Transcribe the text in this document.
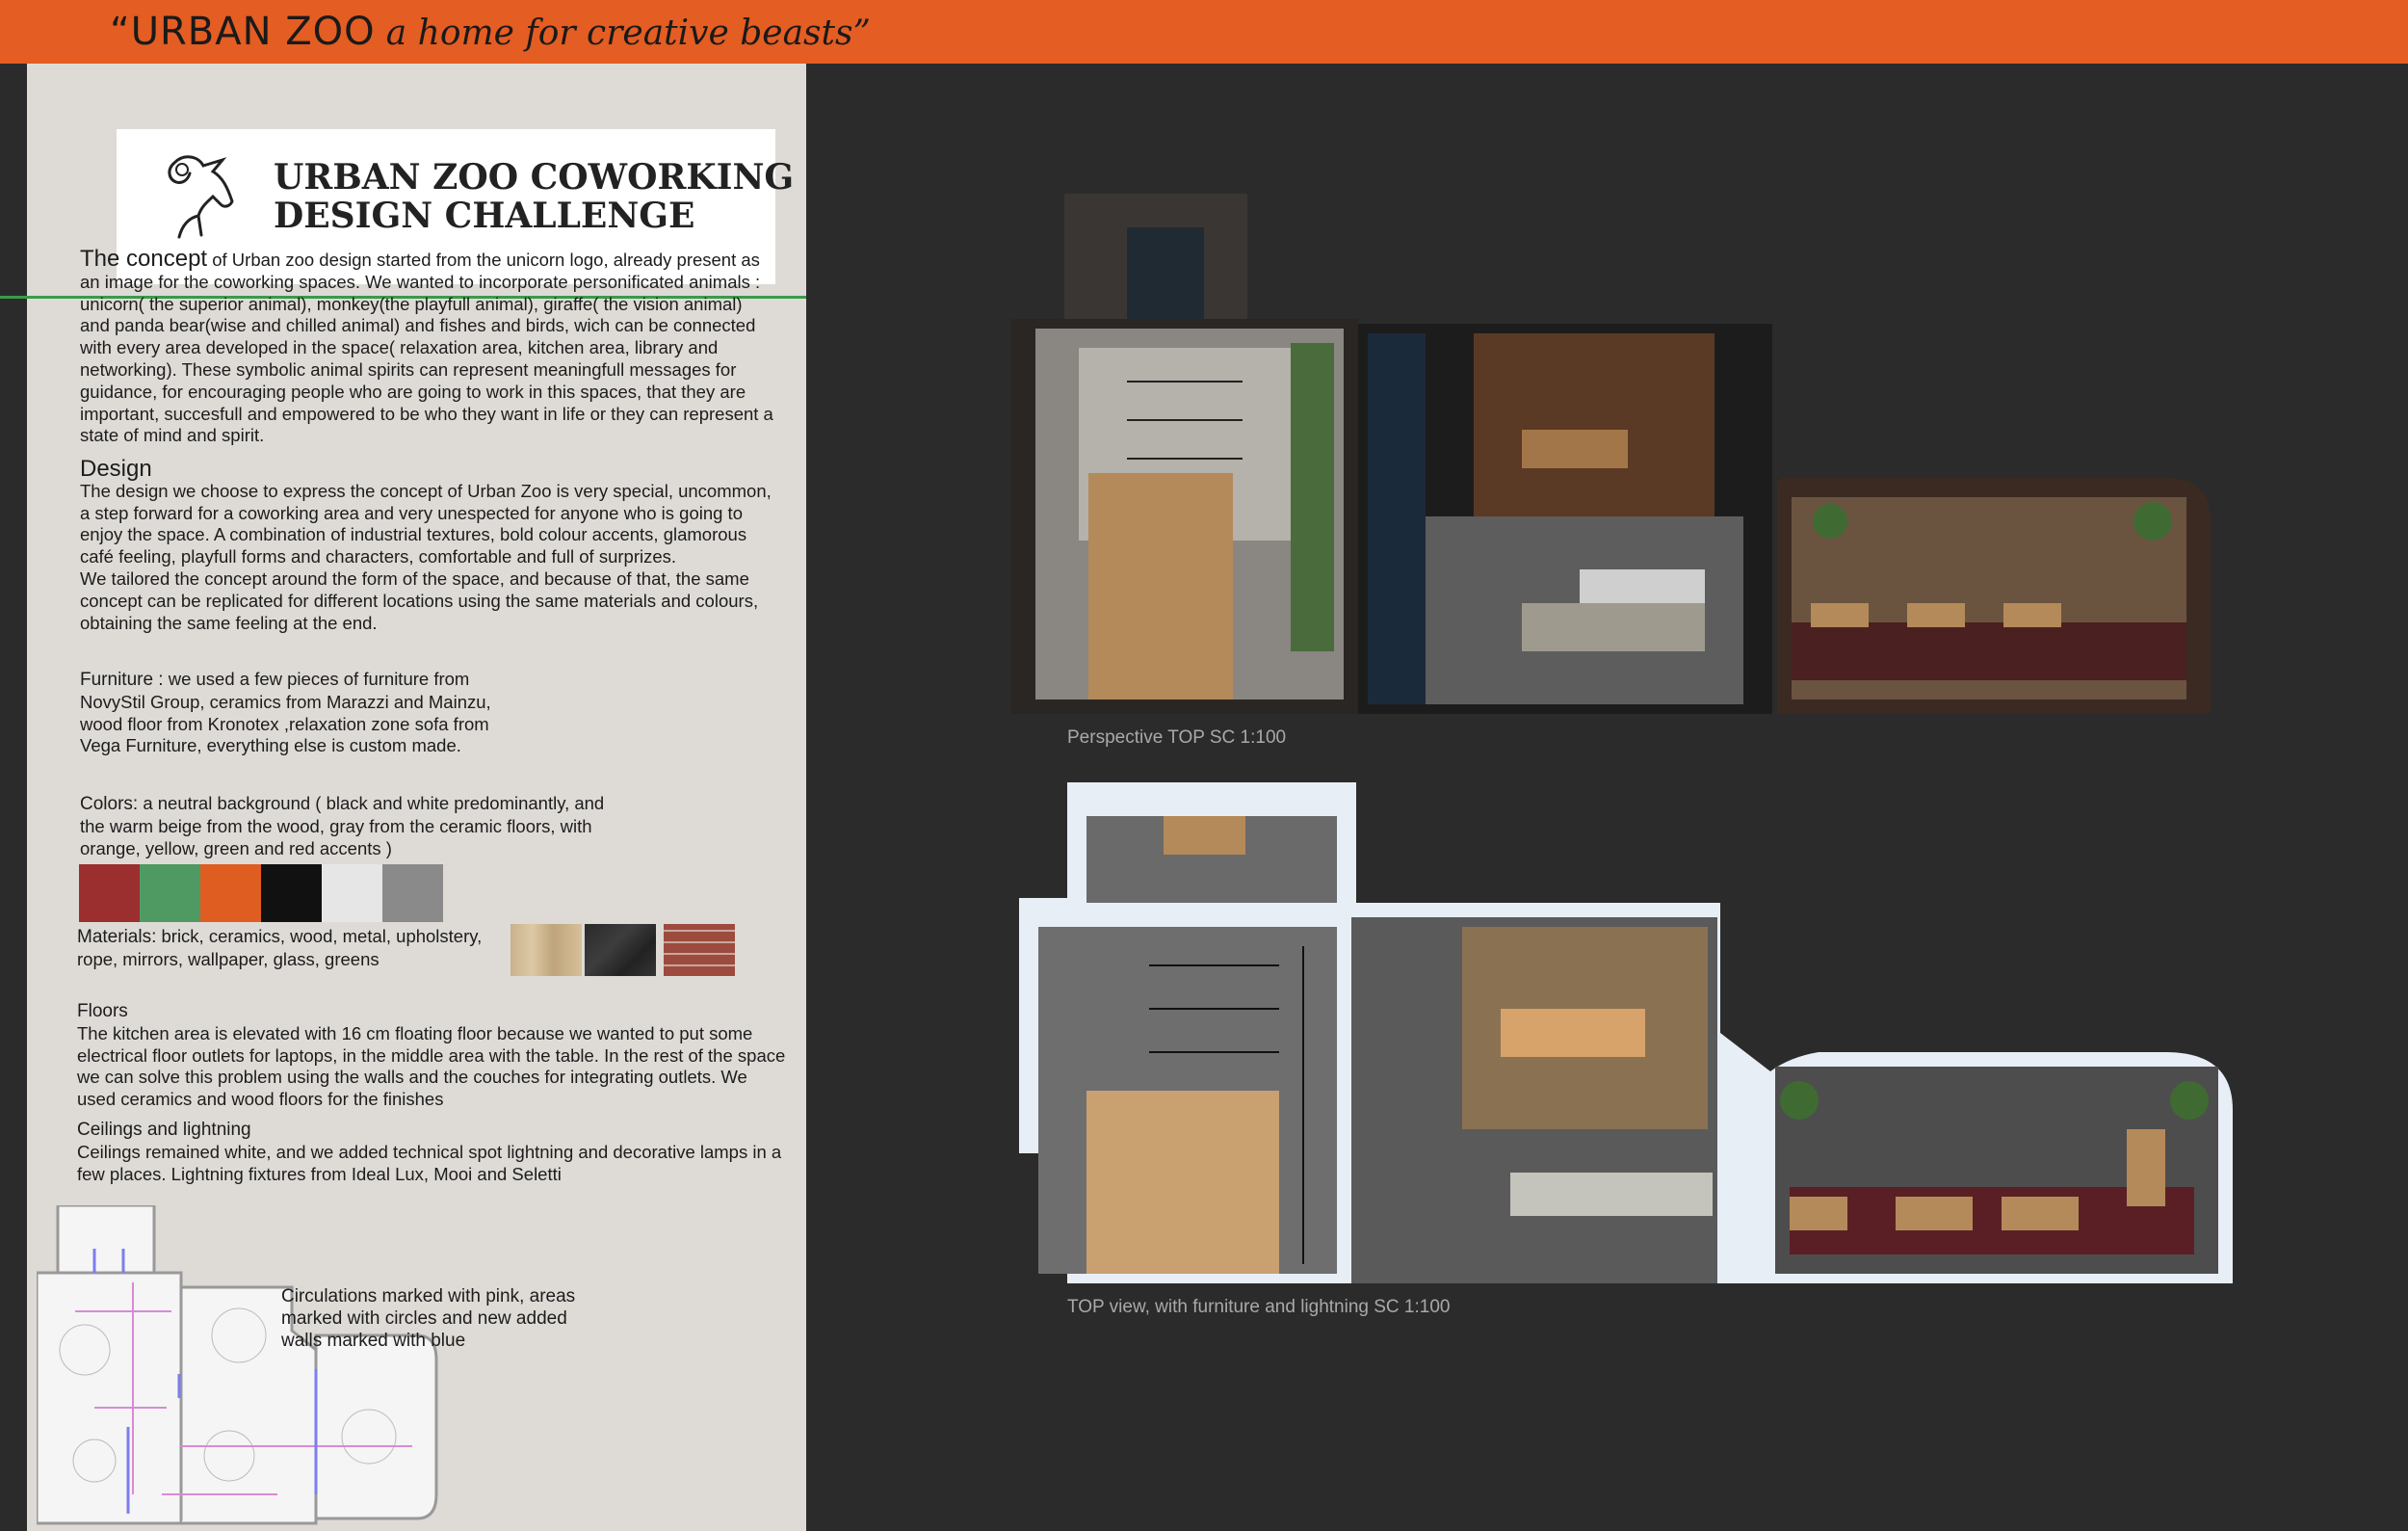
“URBAN ZOO a home for creative beasts”
URBAN ZOO COWORKING
DESIGN CHALLENGE
The concept of Urban zoo design started from the unicorn logo, already present as an image for the coworking spaces. We wanted to incorporate personificated animals : unicorn( the superior animal), monkey(the playfull animal), giraffe( the vision animal) and panda bear(wise and chilled animal) and fishes and birds, wich can be connected with every area developed in the space( relaxation area, kitchen area, library and networking). These symbolic animal spirits can represent meaningfull messages for guidance, for encouraging people who are going to work in this spaces, that they are important, succesfull and empowered to be who they want in life or they can represent a state of mind and spirit.
Design
The design we choose to express the concept of Urban Zoo is very special, uncommon, a step forward for a coworking area and very unespected for anyone who is going to enjoy the space. A combination of industrial textures, bold colour accents, glamorous café feeling, playfull forms and characters, comfortable and full of surprizes.
We tailored the concept around the form of the space, and because of that, the same concept can be replicated for different locations using the same materials and colours, obtaining the same feeling at the end.
Furniture : we used a few pieces of furniture from NovyStil Group, ceramics from Marazzi and Mainzu, wood floor from Kronotex ,relaxation zone sofa from Vega Furniture, everything else is custom made.
Colors: a neutral background ( black and white predominantly, and the warm beige from the wood, gray from the ceramic floors, with orange, yellow, green and red accents )
Materials: brick, ceramics, wood, metal, upholstery, rope, mirrors, wallpaper, glass, greens
Floors
The kitchen area is elevated with 16 cm floating floor because we wanted to put some electrical floor outlets for laptops, in the middle area with the table. In the rest of the space we can solve this problem using the walls and the couches for integrating outlets. We used ceramics and wood floors for the finishes
Ceilings and lightning
Ceilings remained white, and we added technical spot lightning and decorative lamps in a few places. Lightning fixtures from Ideal Lux, Mooi and Seletti
Circulations marked with pink, areas marked with circles and new added walls marked with blue
Perspective TOP SC 1:100
TOP view, with furniture and lightning SC 1:100
